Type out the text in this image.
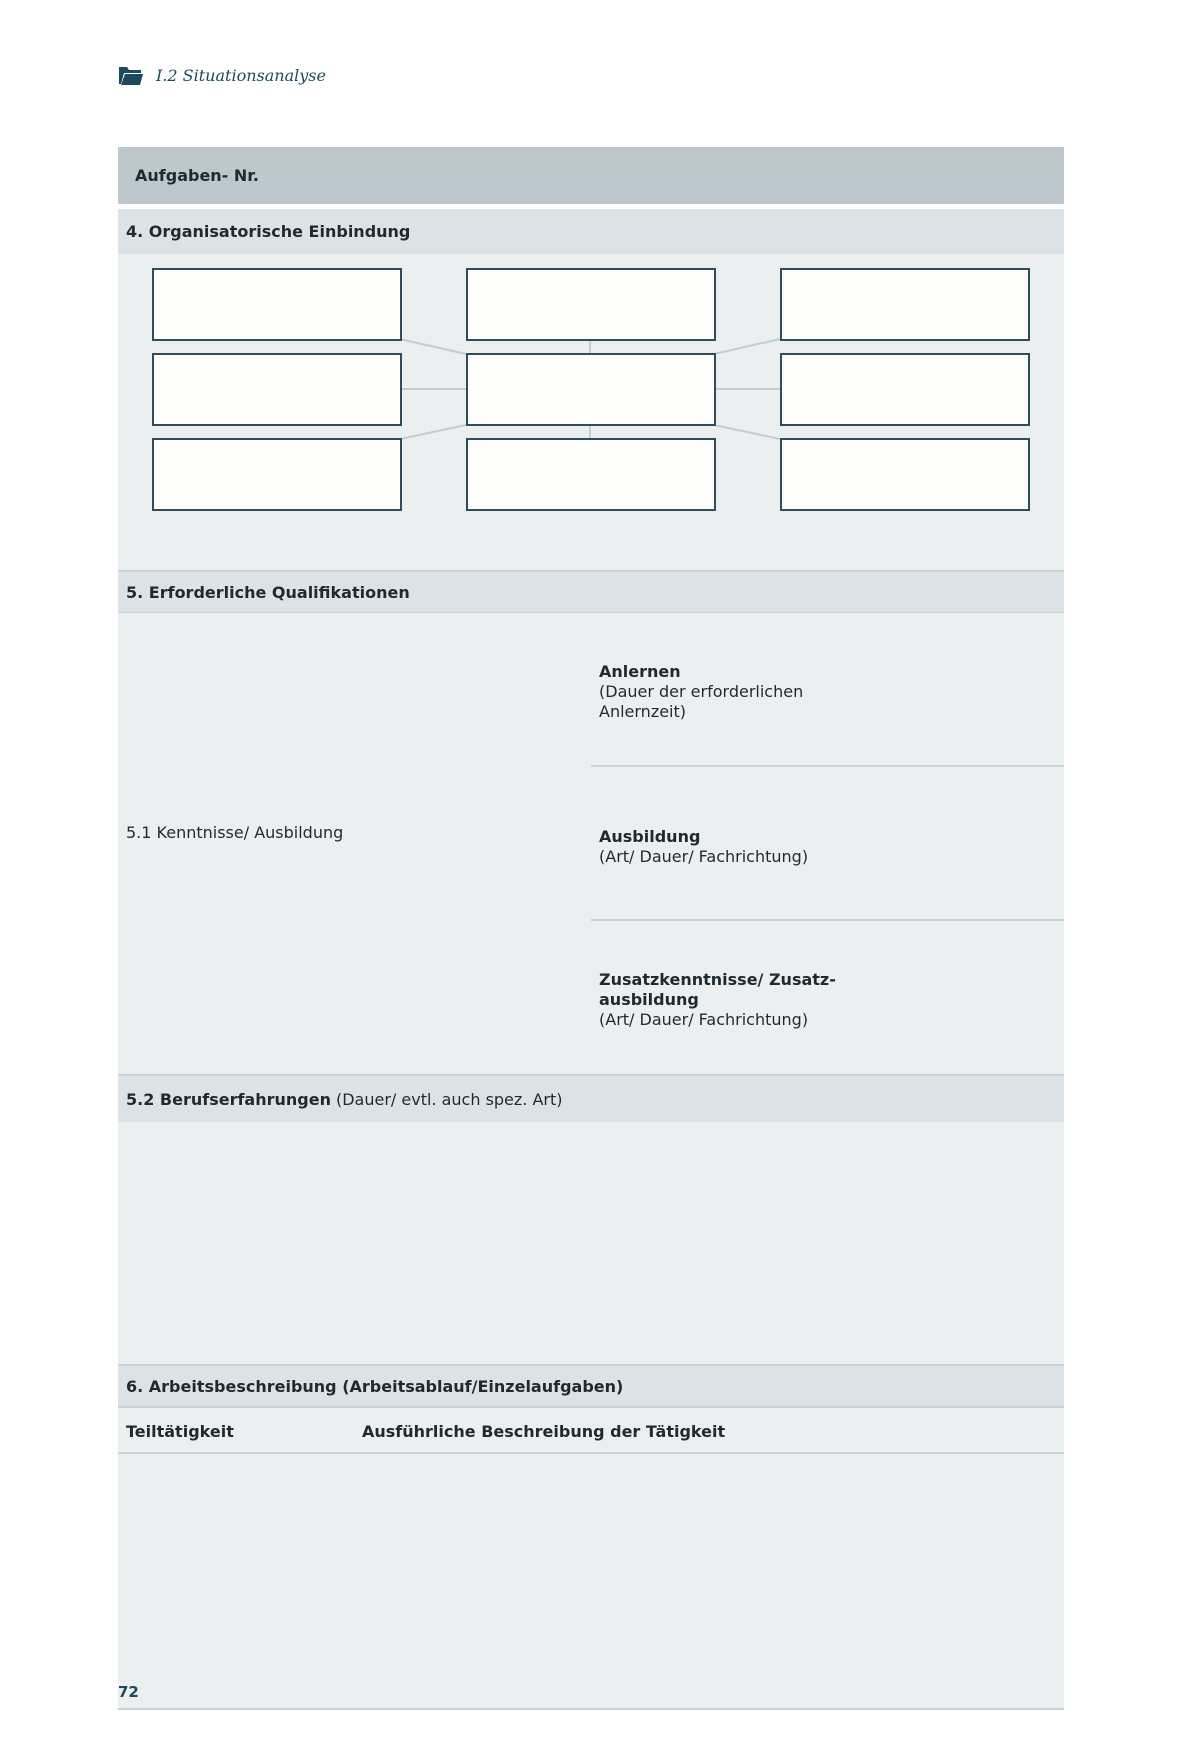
I.2 Situationsanalyse
Aufgaben- Nr.
4. Organisatorische Einbindung
5. Erforderliche Qualifikationen
5.1 Kenntnisse/ Ausbildung
Anlernen
(Dauer der erforderlichen
Anlernzeit)
Ausbildung
(Art/ Dauer/ Fachrichtung)
Zusatzkenntnisse/ Zusatz-
ausbildung
(Art/ Dauer/ Fachrichtung)
5.2 Berufserfahrungen (Dauer/ evtl. auch spez. Art)
6. Arbeitsbeschreibung (Arbeitsablauf/Einzelaufgaben)
Teiltätigkeit	Ausführliche Beschreibung der Tätigkeit
72
